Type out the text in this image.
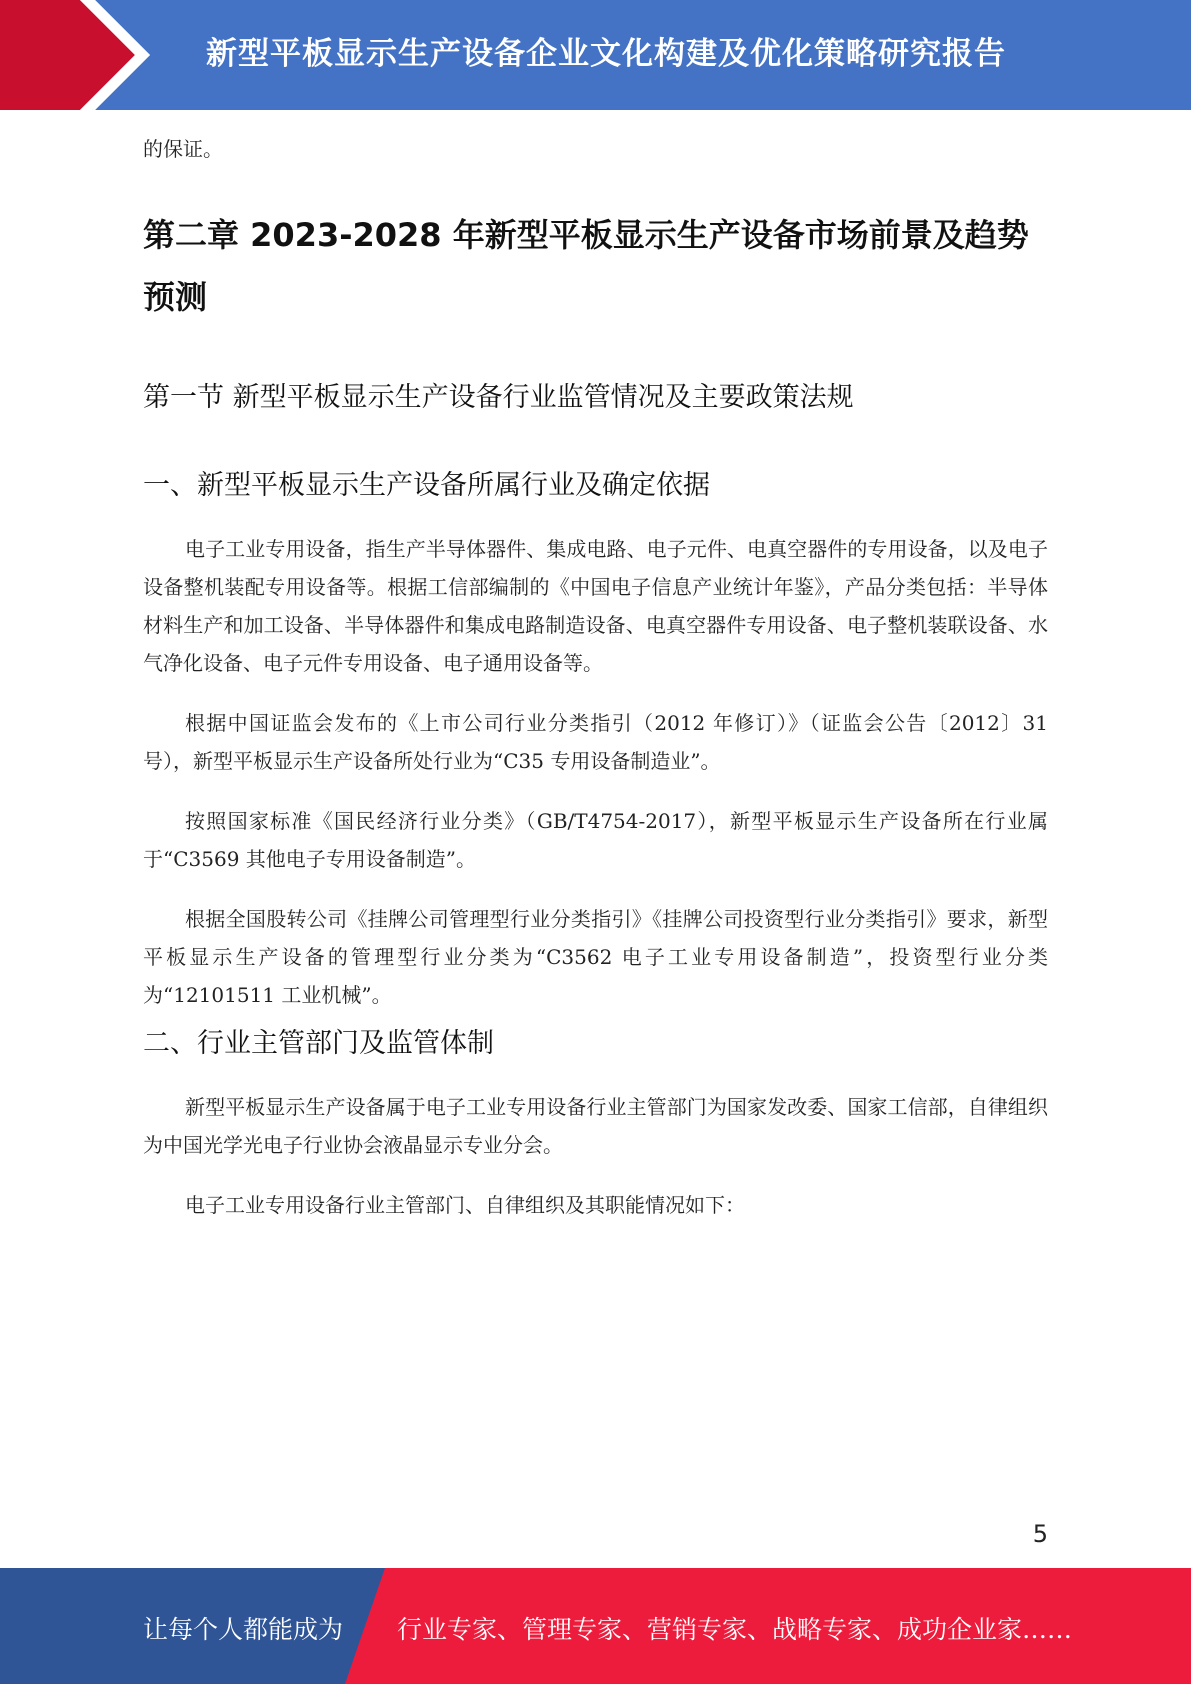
新型平板显示生产设备企业文化构建及优化策略研究报告

的保证。

第二章 2023-2028 年新型平板显示生产设备市场前景及趋势预测
第一节 新型平板显示生产设备行业监管情况及主要政策法规
一、新型平板显示生产设备所属行业及确定依据

电子工业专用设备，指生产半导体器件、集成电路、电子元件、电真空器件的专用设备，以及电子设备整机装配专用设备等。根据工信部编制的《中国电子信息产业统计年鉴》，产品分类包括：半导体材料生产和加工设备、半导体器件和集成电路制造设备、电真空器件专用设备、电子整机装联设备、水气净化设备、电子元件专用设备、电子通用设备等。

根据中国证监会发布的《上市公司行业分类指引（2012 年修订）》（证监会公告〔2012〕31 号），新型平板显示生产设备所处行业为“C35 专用设备制造业”。

按照国家标准《国民经济行业分类》（GB/T4754-2017），新型平板显示生产设备所在行业属于“C3569 其他电子专用设备制造”。

根据全国股转公司《挂牌公司管理型行业分类指引》《挂牌公司投资型行业分类指引》要求，新型平板显示生产设备的管理型行业分类为“C3562 电子工业专用设备制造”，投资型行业分类为“12101511 工业机械”。

二、行业主管部门及监管体制

新型平板显示生产设备属于电子工业专用设备行业主管部门为国家发改委、国家工信部，自律组织为中国光学光电子行业协会液晶显示专业分会。

电子工业专用设备行业主管部门、自律组织及其职能情况如下：

5
让每个人都能成为 行业专家、管理专家、营销专家、战略专家、成功企业家……
